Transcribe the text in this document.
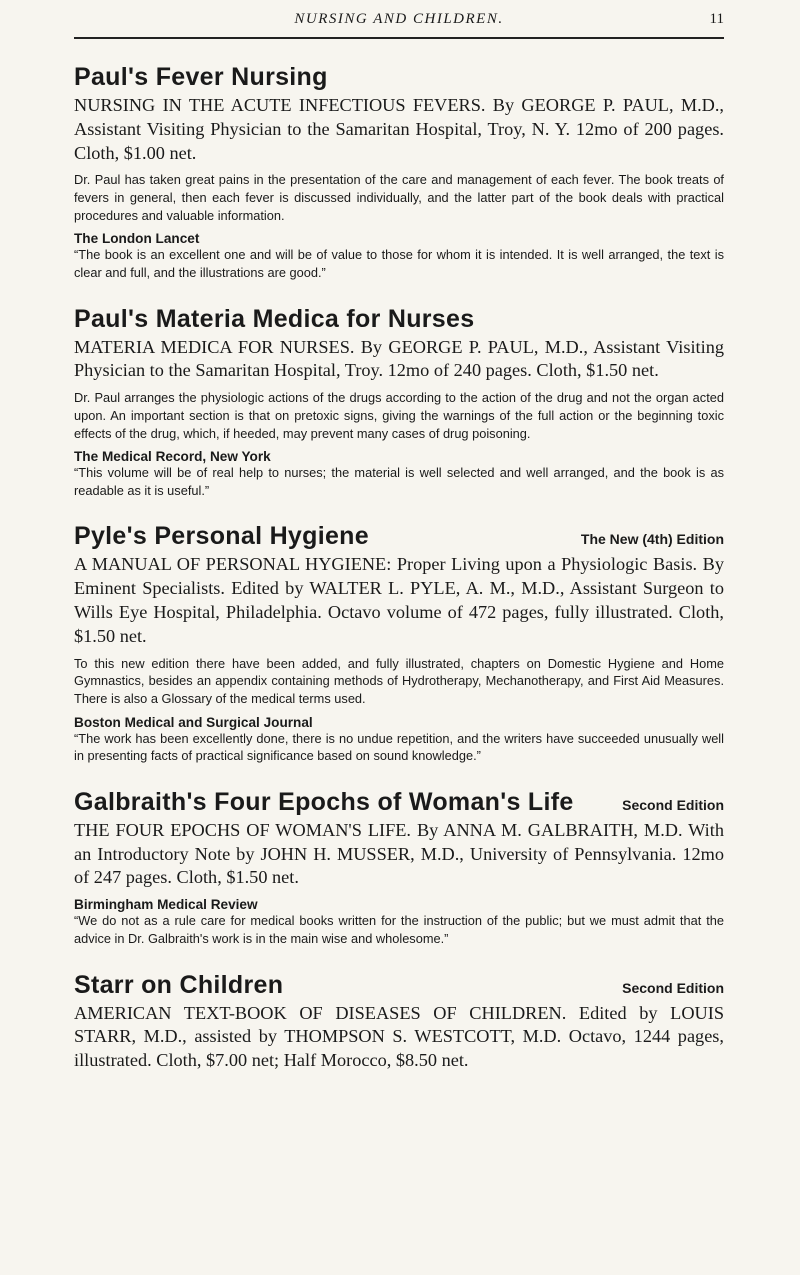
NURSING AND CHILDREN.	11
Paul's Fever Nursing
NURSING IN THE ACUTE INFECTIOUS FEVERS. By GEORGE P. PAUL, M.D., Assistant Visiting Physician to the Samaritan Hospital, Troy, N. Y. 12mo of 200 pages. Cloth, $1.00 net.
Dr. Paul has taken great pains in the presentation of the care and management of each fever. The book treats of fevers in general, then each fever is discussed individually, and the latter part of the book deals with practical procedures and valuable information.
The London Lancet
“The book is an excellent one and will be of value to those for whom it is intended. It is well arranged, the text is clear and full, and the illustrations are good.”
Paul's Materia Medica for Nurses
MATERIA MEDICA FOR NURSES. By GEORGE P. PAUL, M.D., Assistant Visiting Physician to the Samaritan Hospital, Troy. 12mo of 240 pages. Cloth, $1.50 net.
Dr. Paul arranges the physiologic actions of the drugs according to the action of the drug and not the organ acted upon. An important section is that on pretoxic signs, giving the warnings of the full action or the beginning toxic effects of the drug, which, if heeded, may prevent many cases of drug poisoning.
The Medical Record, New York
“This volume will be of real help to nurses; the material is well selected and well arranged, and the book is as readable as it is useful.”
Pyle's Personal Hygiene	The New (4th) Edition
A MANUAL OF PERSONAL HYGIENE: Proper Living upon a Physiologic Basis. By Eminent Specialists. Edited by WALTER L. PYLE, A. M., M.D., Assistant Surgeon to Wills Eye Hospital, Philadelphia. Octavo volume of 472 pages, fully illustrated. Cloth, $1.50 net.
To this new edition there have been added, and fully illustrated, chapters on Domestic Hygiene and Home Gymnastics, besides an appendix containing methods of Hydrotherapy, Mechanotherapy, and First Aid Measures. There is also a Glossary of the medical terms used.
Boston Medical and Surgical Journal
“The work has been excellently done, there is no undue repetition, and the writers have succeeded unusually well in presenting facts of practical significance based on sound knowledge.”
Galbraith's Four Epochs of Woman's Life	Second Edition
THE FOUR EPOCHS OF WOMAN'S LIFE. By ANNA M. GALBRAITH, M.D. With an Introductory Note by JOHN H. MUSSER, M.D., University of Pennsylvania. 12mo of 247 pages. Cloth, $1.50 net.
Birmingham Medical Review
“We do not as a rule care for medical books written for the instruction of the public; but we must admit that the advice in Dr. Galbraith's work is in the main wise and wholesome.”
Starr on Children	Second Edition
AMERICAN TEXT-BOOK OF DISEASES OF CHILDREN. Edited by LOUIS STARR, M.D., assisted by THOMPSON S. WESTCOTT, M.D. Octavo, 1244 pages, illustrated. Cloth, $7.00 net; Half Morocco, $8.50 net.
